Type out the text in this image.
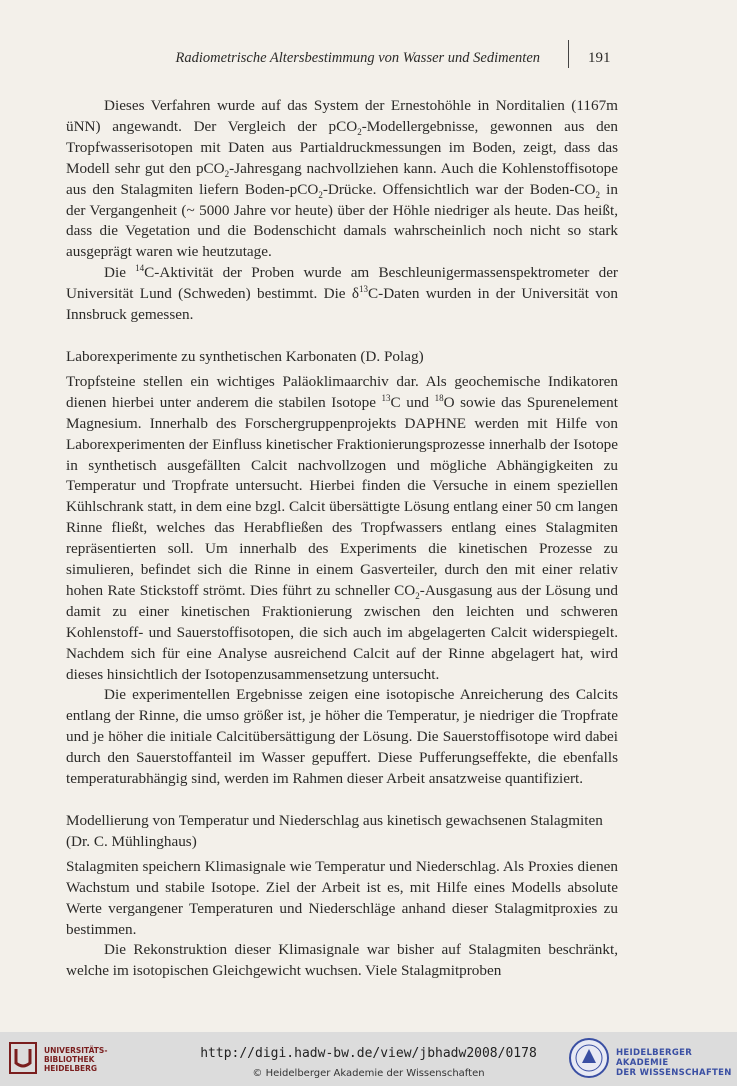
Radiometrische Altersbestimmung von Wasser und Sedimenten	191

Dieses Verfahren wurde auf das System der Ernestohöhle in Norditalien (1167m üNN) angewandt. Der Vergleich der pCO$_2$-Modellergebnisse, gewonnen aus den Tropfwasserisotopen mit Daten aus Partialdruckmessungen im Boden, zeigt, dass das Modell sehr gut den pCO$_2$-Jahresgang nachvollziehen kann. Auch die Kohlenstoffisotope aus den Stalagmiten liefern Boden-pCO$_2$-Drücke. Offensichtlich war der Boden-$CO_2$ in der Vergangenheit (~ 5000 Jahre vor heute) über der Höhle niedriger als heute. Das heißt, dass die Vegetation und die Bodenschicht damals wahrscheinlich noch nicht so stark ausgeprägt waren wie heutzutage.

Die $^{14}$C-Aktivität der Proben wurde am Beschleunigermassenspektrometer der Universität Lund (Schweden) bestimmt. Die $\delta^{13}C$-Daten wurden in der Universität von Innsbruck gemessen.

Laborexperimente zu synthetischen Karbonaten (D. Polag)

Tropfsteine stellen ein wichtiges Paläoklimaarchiv dar. Als geochemische Indikatoren dienen hierbei unter anderem die stabilen Isotope $^{13}$C und $^{18}$O sowie das Spurenelement Magnesium. Innerhalb des Forschergruppenprojekts DAPHNE werden mit Hilfe von Laborexperimenten der Einfluss kinetischer Fraktionierungsprozesse innerhalb der Isotope in synthetisch ausgefällten Calcit nachvollzogen und mögliche Abhängigkeiten zu Temperatur und Tropfrate untersucht. Hierbei finden die Versuche in einem speziellen Kühlschrank statt, in dem eine bzgl. Calcit übersättigte Lösung entlang einer 50 cm langen Rinne fließt, welches das Herabfließen des Tropfwassers entlang eines Stalagmiten repräsentierten soll. Um innerhalb des Experiments die kinetischen Prozesse zu simulieren, befindet sich die Rinne in einem Gasverteiler, durch den mit einer relativ hohen Rate Stickstoff strömt. Dies führt zu schneller $CO_2$-Ausgasung aus der Lösung und damit zu einer kinetischen Fraktionierung zwischen den leichten und schweren Kohlenstoff- und Sauerstoffisotopen, die sich auch im abgelagerten Calcit widerspiegelt. Nachdem sich für eine Analyse ausreichend Calcit auf der Rinne abgelagert hat, wird dieses hinsichtlich der Isotopenzusammensetzung untersucht.

Die experimentellen Ergebnisse zeigen eine isotopische Anreicherung des Calcits entlang der Rinne, die umso größer ist, je höher die Temperatur, je niedriger die Tropfrate und je höher die initiale Calcitübersättigung der Lösung. Die Sauerstoffisotope wird dabei durch den Sauerstoffanteil im Wasser gepuffert. Diese Pufferungseffekte, die ebenfalls temperaturabhängig sind, werden im Rahmen dieser Arbeit ansatzweise quantifiziert.

Modellierung von Temperatur und Niederschlag aus kinetisch gewachsenen Stalagmiten (Dr. C. Mühlinghaus)

Stalagmiten speichern Klimasignale wie Temperatur und Niederschlag. Als Proxies dienen Wachstum und stabile Isotope. Ziel der Arbeit ist es, mit Hilfe eines Modells absolute Werte vergangener Temperaturen und Niederschläge anhand dieser Stalagmitproxies zu bestimmen.

Die Rekonstruktion dieser Klimasignale war bisher auf Stalagmiten beschränkt, welche im isotopischen Gleichgewicht wuchsen. Viele Stalagmitproben

UNIVERSITÄTS-
BIBLIOTHEK
HEIDELBERG
http://digi.hadw-bw.de/view/jbhadw2008/0178
© Heidelberger Akademie der Wissenschaften
HEIDELBERGER AKADEMIE
DER WISSENSCHAFTEN
